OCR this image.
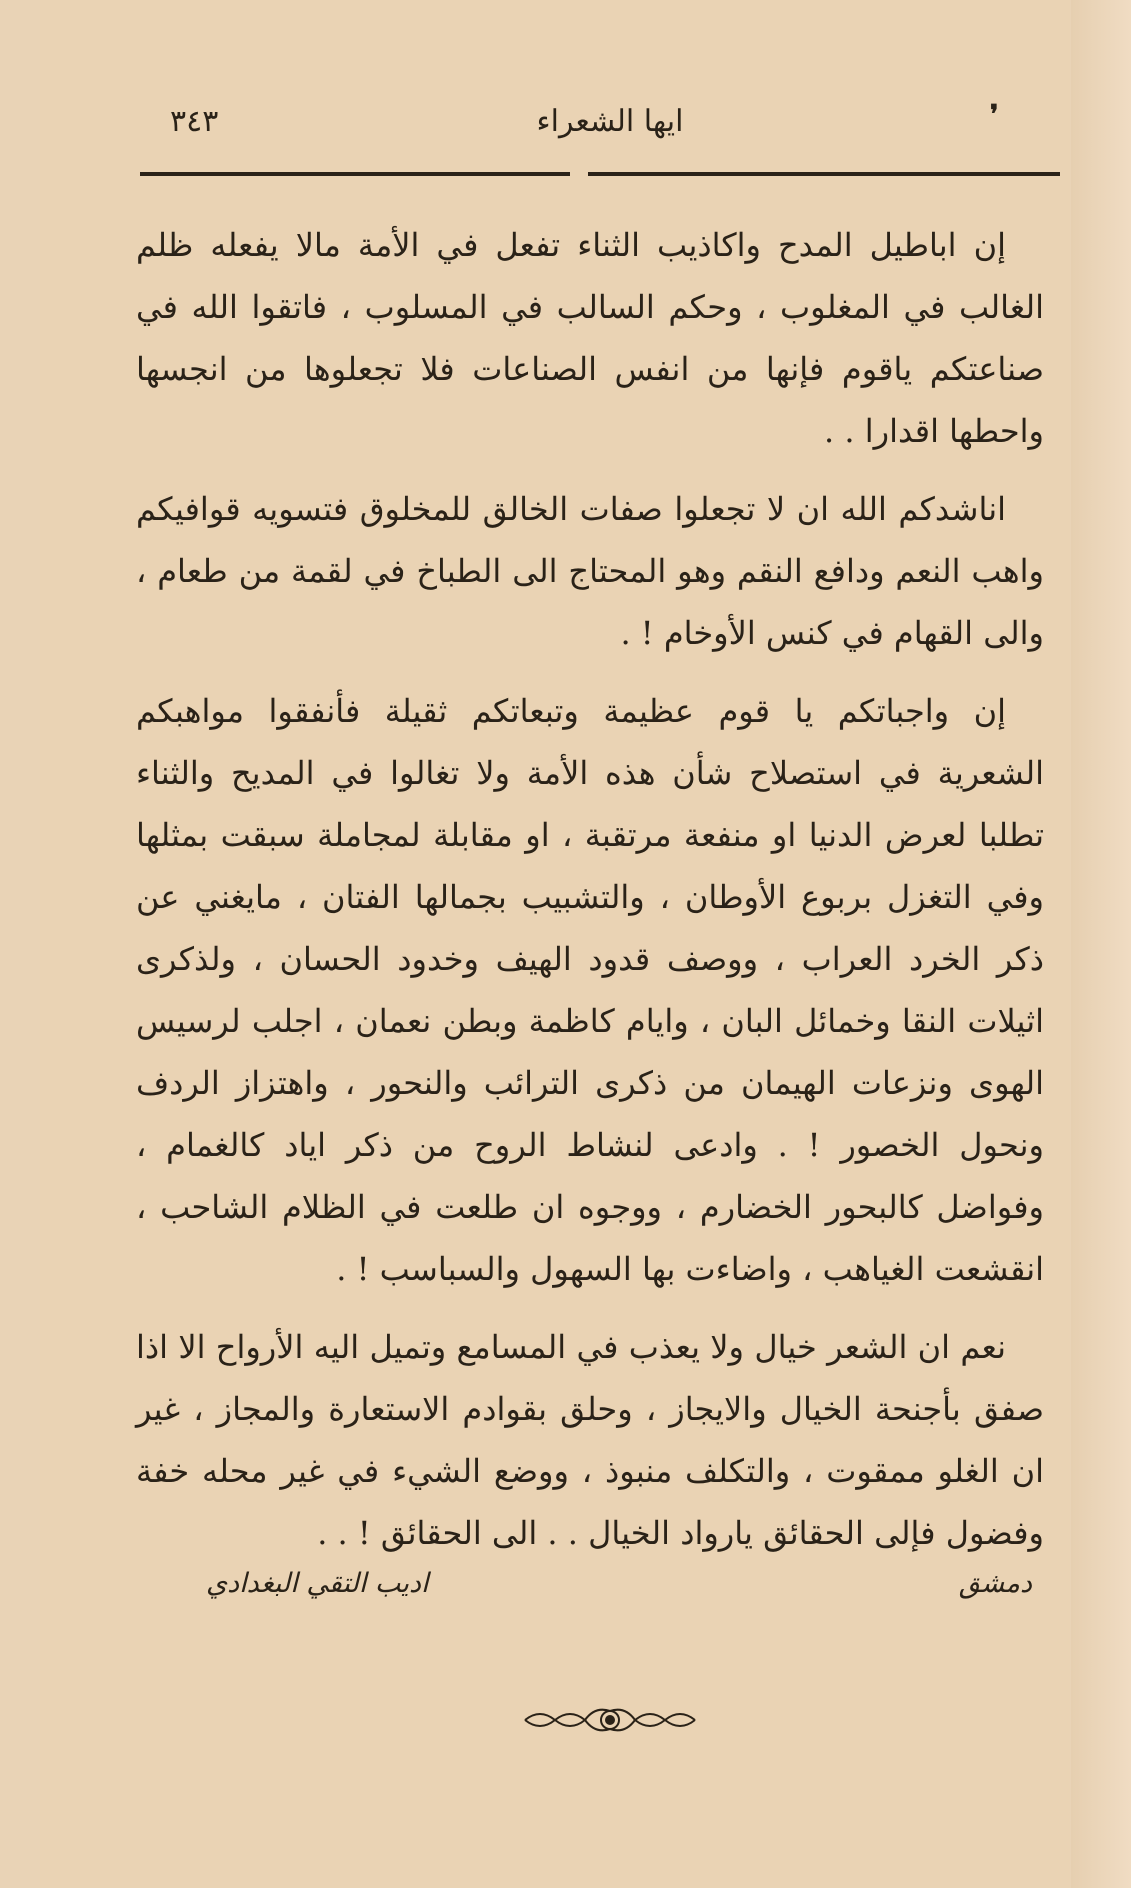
٣٤٣	ايها الشعراء	❜

إن اباطيل المدح واكاذيب الثناء تفعل في الأمة مالا يفعله ظلم الغالب في المغلوب ، وحكم السالب في المسلوب ، فاتقوا الله في صناعتكم ياقوم فإنها من انفس الصناعات فلا تجعلوها من انجسها واحطها اقدارا . .

اناشدكم الله ان لا تجعلوا صفات الخالق للمخلوق فتسويه قوافيكم واهب النعم ودافع النقم وهو المحتاج الى الطباخ في لقمة من طعام ، والى القهام في كنس الأوخام ! .

إن واجباتكم يا قوم عظيمة وتبعاتكم ثقيلة فأنفقوا مواهبكم الشعرية في استصلاح شأن هذه الأمة ولا تغالوا في المديح والثناء تطلبا لعرض الدنيا او منفعة مرتقبة ، او مقابلة لمجاملة سبقت بمثلها وفي التغزل بربوع الأوطان ، والتشبيب بجمالها الفتان ، مايغني عن ذكر الخرد العراب ، ووصف قدود الهيف وخدود الحسان ، ولذكرى اثيلات النقا وخمائل البان ، وايام كاظمة وبطن نعمان ، اجلب لرسيس الهوى ونزعات الهيمان من ذكرى الترائب والنحور ، واهتزاز الردف ونحول الخصور ! . وادعى لنشاط الروح من ذكر اياد كالغمام ، وفواضل كالبحور الخضارم ، ووجوه ان طلعت في الظلام الشاحب ، انقشعت الغياهب ، واضاءت بها السهول والسباسب ! .

نعم ان الشعر خيال ولا يعذب في المسامع وتميل اليه الأرواح الا اذا صفق بأجنحة الخيال والايجاز ، وحلق بقوادم الاستعارة والمجاز ، غير ان الغلو ممقوت ، والتكلف منبوذ ، ووضع الشيء في غير محله خفة وفضول فإلى الحقائق يارواد الخيال . . الى الحقائق ! . .

دمشق
اديب التقي البغدادي
